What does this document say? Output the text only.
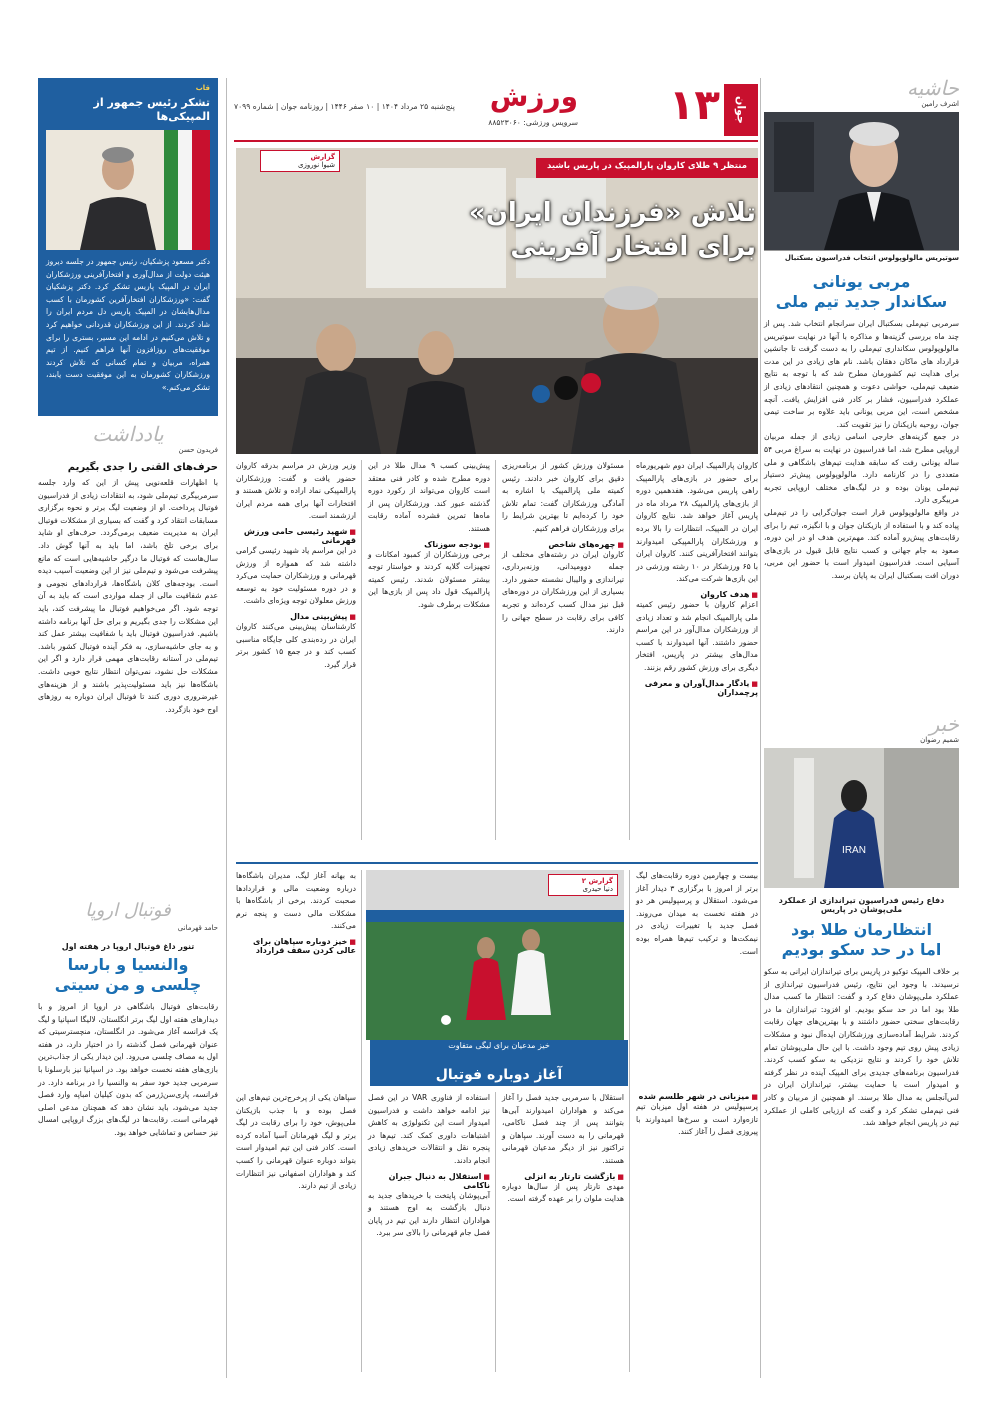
جوان
۱۳
ورزش
پنج‌شنبه ۲۵ مرداد ۱۴۰۴ | ۱۰ صفر ۱۴۴۶ | روزنامه جوان | شماره ۷۰۹۹
سرویس ورزشی: ۸۸۵۲۳۰۶۰
حاشیه
اشرف رامین
سوتیریس مالولوپولوس انتخاب فدراسیون بسکتبال
مربی یونانی
سکاندار جدید تیم ملی

سرمربی تیم‌ملی بسکتبال ایران سرانجام انتخاب شد. پس از چند ماه بررسی گزینه‌ها و مذاکره با آنها در نهایت سوتیریس مالولوپولوس سکانداری تیم‌ملی را به دست گرفت تا جانشین قرارداد های ماکان دهقان باشد. نام های زیادی در این مدت برای هدایت تیم کشورمان مطرح شد که با توجه به نتایج ضعیف تیم‌ملی، حواشی دعوت و همچنین انتقادهای زیادی از عملکرد فدراسیون، فشار بر کادر فنی افزایش یافت. آنچه مشخص است، این مربی یونانی باید علاوه بر ساخت تیمی جوان، روحیه بازیکنان را نیز تقویت کند.

در جمع گزینه‌های خارجی اسامی زیادی از جمله مربیان اروپایی مطرح شد، اما فدراسیون در نهایت به سراغ مربی ۵۴ ساله یونانی رفت که سابقه هدایت تیم‌های باشگاهی و ملی متعددی را در کارنامه دارد. مالولوپولوس پیش‌تر دستیار تیم‌ملی یونان بوده و در لیگ‌های مختلف اروپایی تجربه مربیگری دارد.

در واقع مالولوپولوس قرار است جوان‌گرایی را در تیم‌ملی پیاده کند و با استفاده از بازیکنان جوان و با انگیزه، تیم را برای رقابت‌های پیش‌رو آماده کند. مهم‌ترین هدف او در این دوره، صعود به جام جهانی و کسب نتایج قابل قبول در بازی‌های آسیایی است. فدراسیون امیدوار است با حضور این مربی، دوران افت بسکتبال ایران به پایان برسد.

خبر
شمیم رضوان
IRAN
دفاع رئیس فدراسیون تیراندازی از عملکرد ملی‌پوشان در پاریس
انتظارمان طلا بود
اما در حد سکو بودیم

بر خلاف المپیک توکیو در پاریس برای تیراندازان ایرانی به سکو نرسیدند. با وجود این نتایج، رئیس فدراسیون تیراندازی از عملکرد ملی‌پوشان دفاع کرد و گفت: انتظار ما کسب مدال طلا بود اما در حد سکو بودیم. او افزود: تیراندازان ما در رقابت‌های سختی حضور داشتند و با بهترین‌های جهان رقابت کردند. شرایط آماده‌سازی ورزشکاران ایده‌آل نبود و مشکلات زیادی پیش روی تیم وجود داشت. با این حال ملی‌پوشان تمام تلاش خود را کردند و نتایج نزدیکی به سکو کسب کردند. فدراسیون برنامه‌های جدیدی برای المپیک آینده در نظر گرفته و امیدوار است با حمایت بیشتر، تیراندازان ایران در لس‌آنجلس به مدال طلا برسند. او همچنین از مربیان و کادر فنی تیم‌ملی تشکر کرد و گفت که ارزیابی کاملی از عملکرد تیم در پاریس انجام خواهد شد.

قاب
تشکر رئیس جمهور از المپیکی‌ها

دکتر مسعود پزشکیان، رئیس جمهور در جلسه دیروز هیئت دولت از مدال‌آوری و افتخارآفرینی ورزشکاران ایران در المپیک پاریس تشکر کرد. دکتر پزشکیان گفت: «ورزشکاران افتخارآفرین کشورمان با کسب مدال‌هایشان در المپیک پاریس دل مردم ایران را شاد کردند. از این ورزشکاران قدردانی خواهیم کرد و تلاش می‌کنیم در ادامه این مسیر، بستری را برای موفقیت‌های روزافزون آنها فراهم کنیم. از تیم همراه، مربیان و تمام کسانی که تلاش کردند ورزشکاران کشورمان به این موفقیت دست یابند، تشکر می‌کنم.»

یادداشت
فریدون حسن
حرف‌های القنی را جدی بگیریم

با اظهارات قلعه‌نویی پیش از این که وارد جلسه سرمربیگری تیم‌ملی شود، به انتقادات زیادی از فدراسیون فوتبال پرداخت. او از وضعیت لیگ برتر و نحوه برگزاری مسابقات انتقاد کرد و گفت که بسیاری از مشکلات فوتبال ایران به مدیریت ضعیف برمی‌گردد. حرف‌های او شاید برای برخی تلخ باشد، اما باید به آنها گوش داد. سال‌هاست که فوتبال ما درگیر حاشیه‌هایی است که مانع پیشرفت می‌شود و تیم‌ملی نیز از این وضعیت آسیب دیده است. بودجه‌های کلان باشگاه‌ها، قراردادهای نجومی و عدم شفافیت مالی از جمله مواردی است که باید به آن توجه شود. اگر می‌خواهیم فوتبال ما پیشرفت کند، باید این مشکلات را جدی بگیریم و برای حل آنها برنامه داشته باشیم. فدراسیون فوتبال باید با شفافیت بیشتر عمل کند و به جای حاشیه‌سازی، به فکر آینده فوتبال کشور باشد. تیم‌ملی در آستانه رقابت‌های مهمی قرار دارد و اگر این مشکلات حل نشود، نمی‌توان انتظار نتایج خوبی داشت. باشگاه‌ها نیز باید مسئولیت‌پذیر باشند و از هزینه‌های غیرضروری دوری کنند تا فوتبال ایران دوباره به روزهای اوج خود بازگردد.

فوتبال اروپا
حامد قهرمانی
تنور داغ فوتبال اروپا در هفته اول
والنسیا و بارسا
چلسی و من سیتی

رقابت‌های فوتبال باشگاهی در اروپا از امروز و با دیدارهای هفته اول لیگ برتر انگلستان، لالیگا اسپانیا و لیگ یک فرانسه آغاز می‌شود. در انگلستان، منچسترسیتی که عنوان قهرمانی فصل گذشته را در اختیار دارد، در هفته اول به مصاف چلسی می‌رود. این دیدار یکی از جذاب‌ترین بازی‌های هفته نخست خواهد بود. در اسپانیا نیز بارسلونا با سرمربی جدید خود سفر به والنسیا را در برنامه دارد. در فرانسه، پاری‌سن‌ژرمن که بدون کیلیان امباپه وارد فصل جدید می‌شود، باید نشان دهد که همچنان مدعی اصلی قهرمانی است. رقابت‌ها در لیگ‌های بزرگ اروپایی امسال نیز حساس و تماشایی خواهد بود.

گزارش
شیوا نوروزی	منتظر ۹ طلای کاروان پارالمپیک در پاریس باشید
تلاش «فرزندان ایران»
برای افتخار آفرینی

کاروان پارالمپیک ایران دوم شهریورماه برای حضور در بازی‌های پارالمپیک راهی پاریس می‌شود. هفدهمین دوره از بازی‌های پارالمپیک ۲۸ مرداد ماه در پاریس آغاز خواهد شد. نتایج کاروان ایران در المپیک، انتظارات را بالا برده و ورزشکاران پارالمپیکی امیدوارند بتوانند افتخارآفرینی کنند. کاروان ایران با ۶۵ ورزشکار در ۱۰ رشته ورزشی در این بازی‌ها شرکت می‌کند.

■ هدف کاروان

اعزام کاروان با حضور رئیس کمیته ملی پارالمپیک انجام شد و تعداد زیادی از ورزشکاران مدال‌آور در این مراسم حضور داشتند. آنها امیدوارند با کسب مدال‌های بیشتر در پاریس، افتخار دیگری برای ورزش کشور رقم بزنند.

■ یادگار مدال‌آوران و معرفی پرچمداران

مسئولان ورزش کشور از برنامه‌ریزی دقیق برای کاروان خبر دادند. رئیس کمیته ملی پارالمپیک با اشاره به آمادگی ورزشکاران گفت: تمام تلاش خود را کرده‌ایم تا بهترین شرایط را برای ورزشکاران فراهم کنیم.

■ چهره‌های شاخص

کاروان ایران در رشته‌های مختلف از جمله دوومیدانی، وزنه‌برداری، تیراندازی و والیبال نشسته حضور دارد. بسیاری از این ورزشکاران در دوره‌های قبل نیز مدال کسب کرده‌اند و تجربه کافی برای رقابت در سطح جهانی را دارند.

پیش‌بینی کسب ۹ مدال طلا در این دوره مطرح شده و کادر فنی معتقد است کاروان می‌تواند از رکورد دوره گذشته عبور کند. ورزشکاران پس از ماه‌ها تمرین فشرده آماده رقابت هستند.

■ بودجه سوزناک

برخی ورزشکاران از کمبود امکانات و تجهیزات گلایه کردند و خواستار توجه بیشتر مسئولان شدند. رئیس کمیته پارالمپیک قول داد پس از بازی‌ها این مشکلات برطرف شود.

وزیر ورزش در مراسم بدرقه کاروان حضور یافت و گفت: ورزشکاران پارالمپیکی نماد اراده و تلاش هستند و افتخارات آنها برای همه مردم ایران ارزشمند است.

■ شهید رئیسی حامی ورزش قهرمانی

در این مراسم یاد شهید رئیسی گرامی داشته شد که همواره از ورزش قهرمانی و ورزشکاران حمایت می‌کرد و در دوره مسئولیت خود به توسعه ورزش معلولان توجه ویژه‌ای داشت.

■ پیش‌بینی مدال

کارشناسان پیش‌بینی می‌کنند کاروان ایران در رده‌بندی کلی جایگاه مناسبی کسب کند و در جمع ۱۵ کشور برتر قرار گیرد.

بیست و چهارمین دوره رقابت‌های لیگ برتر از امروز با برگزاری ۳ دیدار آغاز می‌شود. استقلال و پرسپولیس هر دو در هفته نخست به میدان می‌روند. فصل جدید با تغییرات زیادی در نیمکت‌ها و ترکیب تیم‌ها همراه بوده است.

گزارش ۲
دنیا حیدری

به بهانه آغاز لیگ، مدیران باشگاه‌ها درباره وضعیت مالی و قراردادها صحبت کردند. برخی از باشگاه‌ها با مشکلات مالی دست و پنجه نرم می‌کنند.

■ خیز دوباره سپاهان برای عالی کردن سقف قرارداد
خیز مدعیان برای لیگی متفاوت
آغاز دوباره فوتبال
■ میزبانی در شهر طلسم شده

پرسپولیس در هفته اول میزبان تیم تازه‌وارد است و سرخ‌ها امیدوارند با پیروزی فصل را آغاز کنند.

استقلال با سرمربی جدید فصل را آغاز می‌کند و هواداران امیدوارند آبی‌ها بتوانند پس از چند فصل ناکامی، قهرمانی را به دست آورند. سپاهان و تراکتور نیز از دیگر مدعیان قهرمانی هستند.

■ بازگشت تارتار به انزلی

مهدی تارتار پس از سال‌ها دوباره هدایت ملوان را بر عهده گرفته است.

استفاده از فناوری VAR در این فصل نیز ادامه خواهد داشت و فدراسیون امیدوار است این تکنولوژی به کاهش اشتباهات داوری کمک کند. تیم‌ها در پنجره نقل و انتقالات خریدهای زیادی انجام دادند.

■ استقلال به دنبال جبران ناکامی

آبی‌پوشان پایتخت با خریدهای جدید به دنبال بازگشت به اوج هستند و هواداران انتظار دارند این تیم در پایان فصل جام قهرمانی را بالای سر ببرد.

سپاهان یکی از پرخرج‌ترین تیم‌های این فصل بوده و با جذب بازیکنان ملی‌پوش، خود را برای رقابت در لیگ برتر و لیگ قهرمانان آسیا آماده کرده است. کادر فنی این تیم امیدوار است بتواند دوباره عنوان قهرمانی را کسب کند و هواداران اصفهانی نیز انتظارات زیادی از تیم دارند.
